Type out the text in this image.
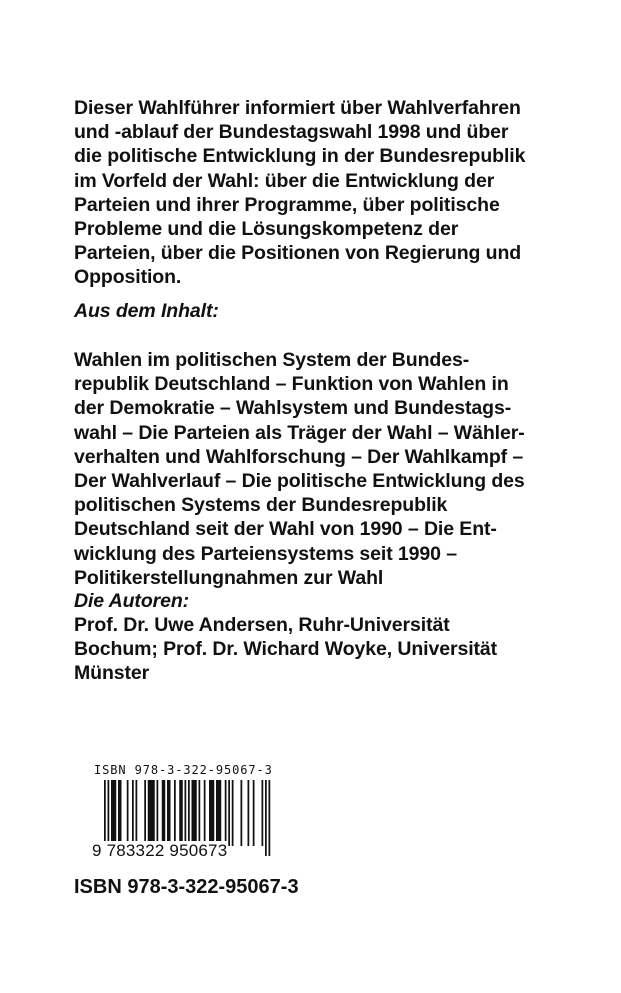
Dieser Wahlführer informiert über Wahlverfahren
und -ablauf der Bundestagswahl 1998 und über
die politische Entwicklung in der Bundesrepublik
im Vorfeld der Wahl: über die Entwicklung der
Parteien und ihrer Programme, über politische
Probleme und die Lösungskompetenz der
Parteien, über die Positionen von Regierung und
Opposition.
Aus dem Inhalt:
Wahlen im politischen System der Bundes-
republik Deutschland – Funktion von Wahlen in
der Demokratie – Wahlsystem und Bundestags-
wahl – Die Parteien als Träger der Wahl – Wähler-
verhalten und Wahlforschung – Der Wahlkampf –
Der Wahlverlauf – Die politische Entwicklung des
politischen Systems der Bundesrepublik
Deutschland seit der Wahl von 1990 – Die Ent-
wicklung des Parteiensystems seit 1990 –
Politikerstellungnahmen zur Wahl
Die Autoren:
Prof. Dr. Uwe Andersen, Ruhr-Universität
Bochum; Prof. Dr. Wichard Woyke, Universität
Münster
ISBN 978-3-322-95067-3
9 783322 950673
ISBN 978-3-322-95067-3
